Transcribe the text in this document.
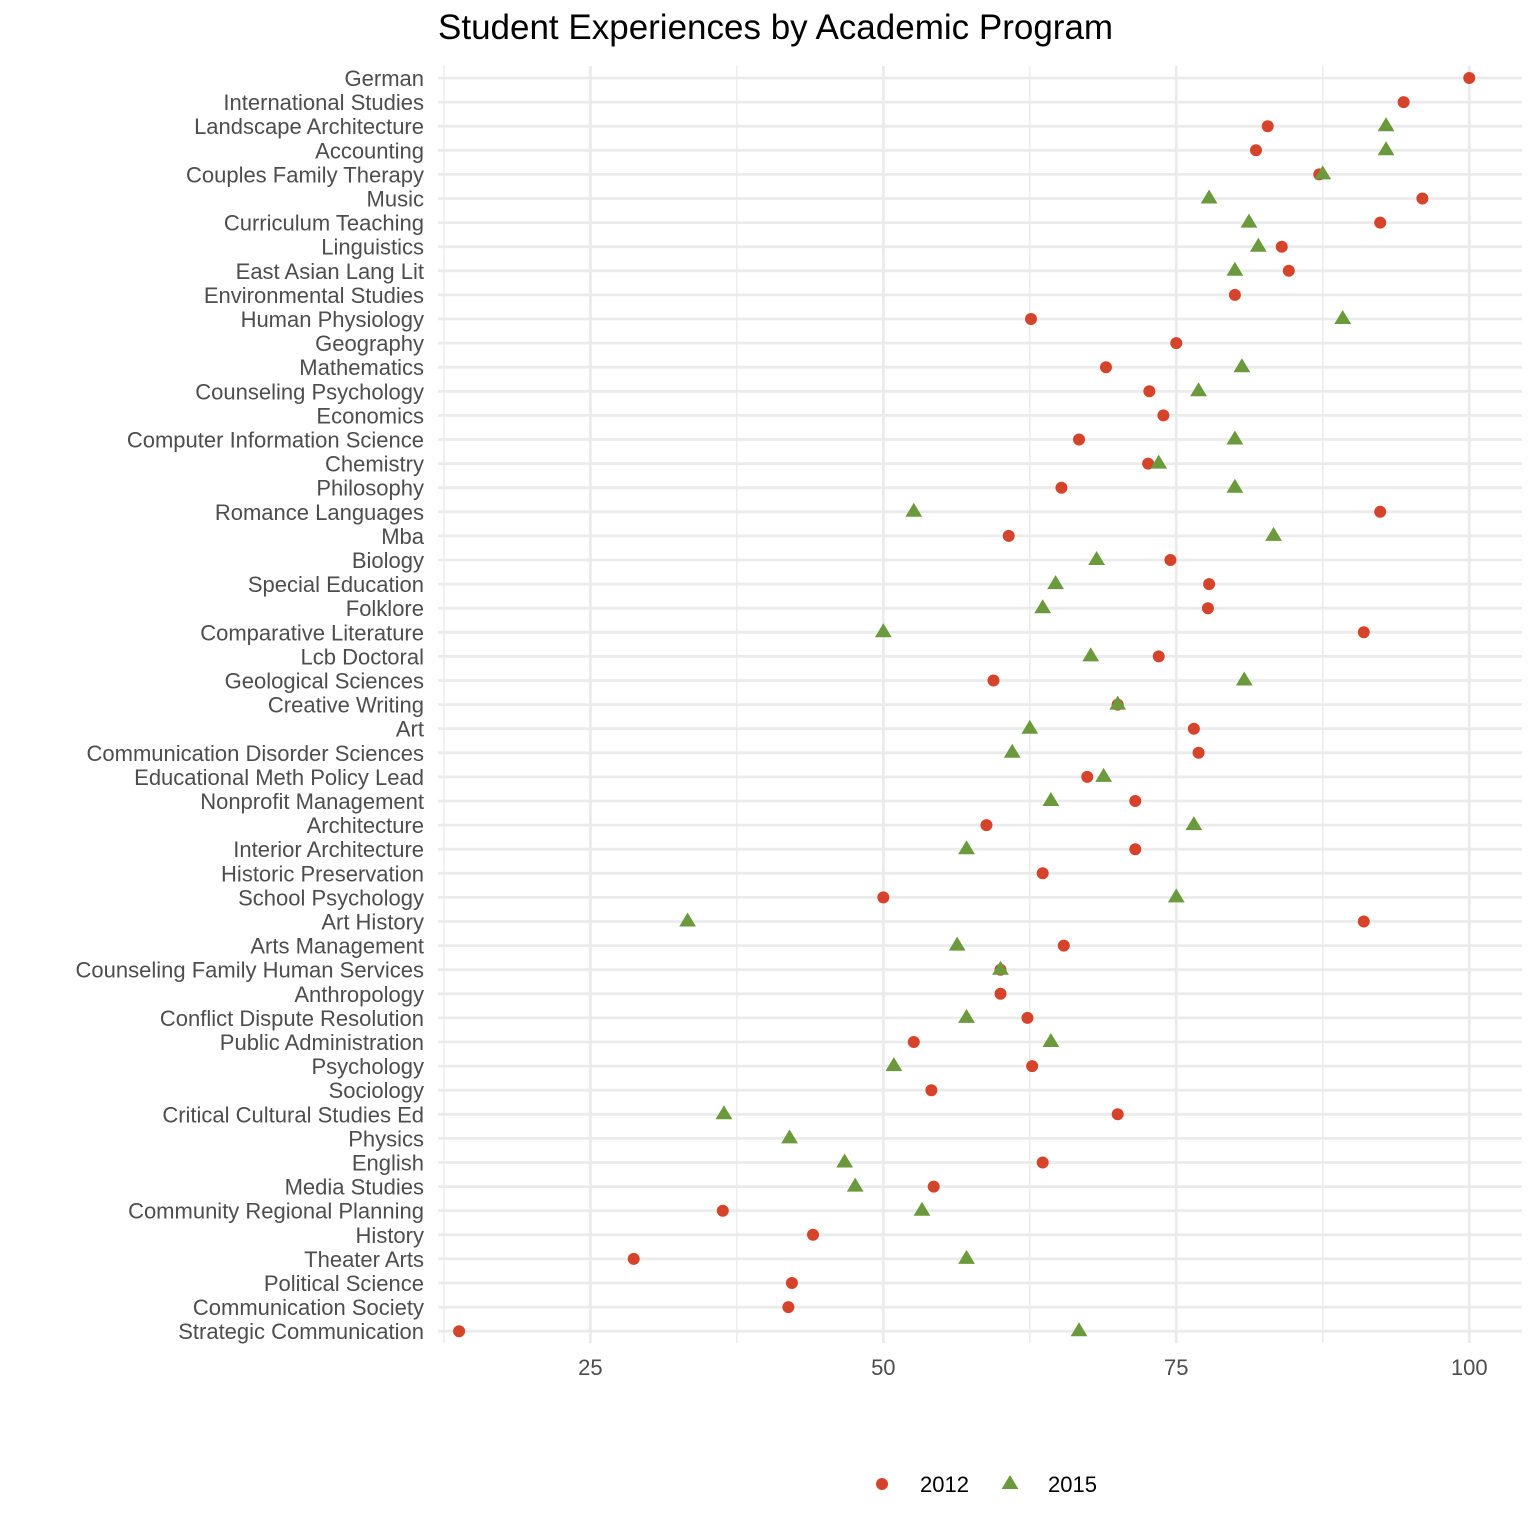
Student Experiences by Academic Program
German
International Studies
Landscape Architecture
Accounting
Couples Family Therapy
Music
Curriculum Teaching
Linguistics
East Asian Lang Lit
Environmental Studies
Human Physiology
Geography
Mathematics
Counseling Psychology
Economics
Computer Information Science
Chemistry
Philosophy
Romance Languages
Mba
Biology
Special Education
Folklore
Comparative Literature
Lcb Doctoral
Geological Sciences
Creative Writing
Art
Communication Disorder Sciences
Educational Meth Policy Lead
Nonprofit Management
Architecture
Interior Architecture
Historic Preservation
School Psychology
Art History
Arts Management
Counseling Family Human Services
Anthropology
Conflict Dispute Resolution
Public Administration
Psychology
Sociology
Critical Cultural Studies Ed
Physics
English
Media Studies
Community Regional Planning
History
Theater Arts
Political Science
Communication Society
Strategic Communication
25	50	75	100
2012	2015
